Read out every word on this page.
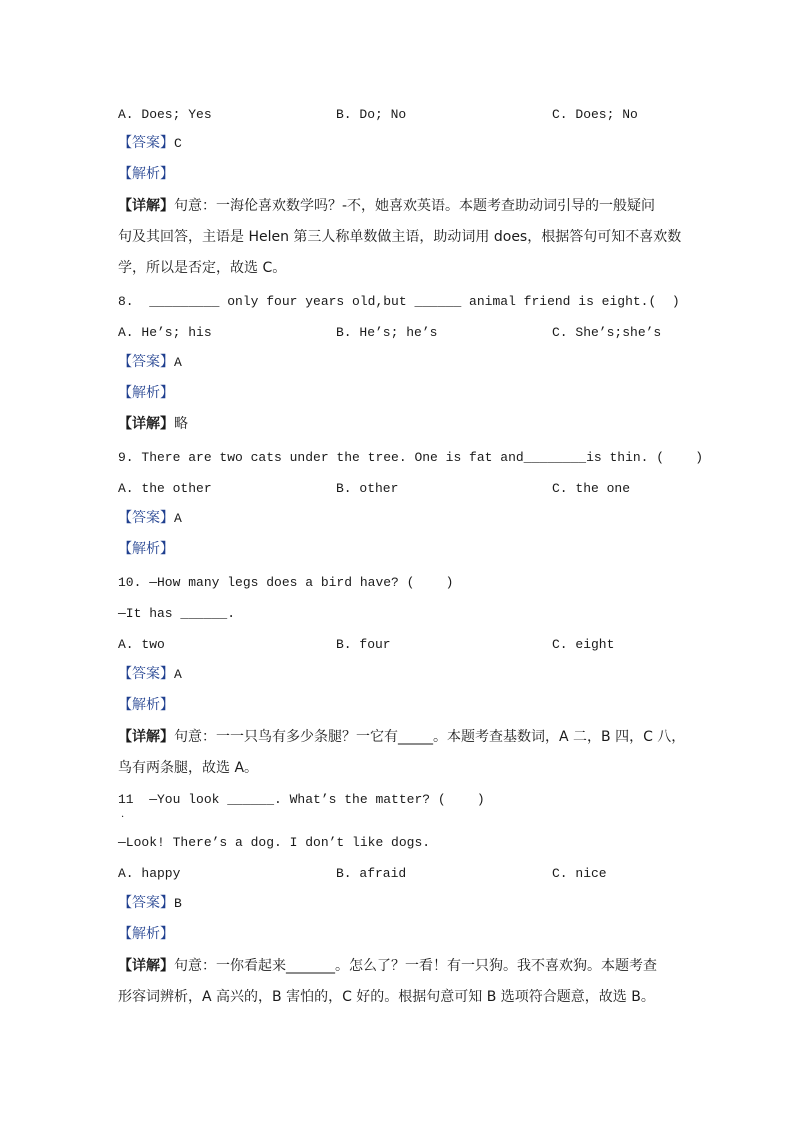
A. Does; Yes	B. Do; No	C. Does; No
【答案】C
【解析】
【详解】句意：一海伦喜欢数学吗？-不，她喜欢英语。本题考查助动词引导的一般疑问
句及其回答，主语是 Helen 第三人称单数做主语，助动词用 does，根据答句可知不喜欢数
学，所以是否定，故选 C。
8.  _________ only four years old,but ______ animal friend is eight.(  )
A. He’s; his	B. He’s; he’s	C. She’s;she’s
【答案】A
【解析】
【详解】略
9. There are two cats under the tree. One is fat and________is thin. (    )
A. the other	B. other	C. the one
【答案】A
【解析】
10. —How many legs does a bird have? (    )
—It has ______.
A. two	B. four	C. eight
【答案】A
【解析】
【详解】句意：一一只鸟有多少条腿？一它有_____。本题考查基数词，A 二，B 四，C 八，
鸟有两条腿，故选 A。
11  —You look ______. What’s the matter? (    )
·
—Look! There’s a dog. I don’t like dogs.
A. happy	B. afraid	C. nice
【答案】B
【解析】
【详解】句意：一你看起来_______。怎么了？一看！有一只狗。我不喜欢狗。本题考查
形容词辨析，A 高兴的，B 害怕的，C 好的。根据句意可知 B 选项符合题意，故选 B。
